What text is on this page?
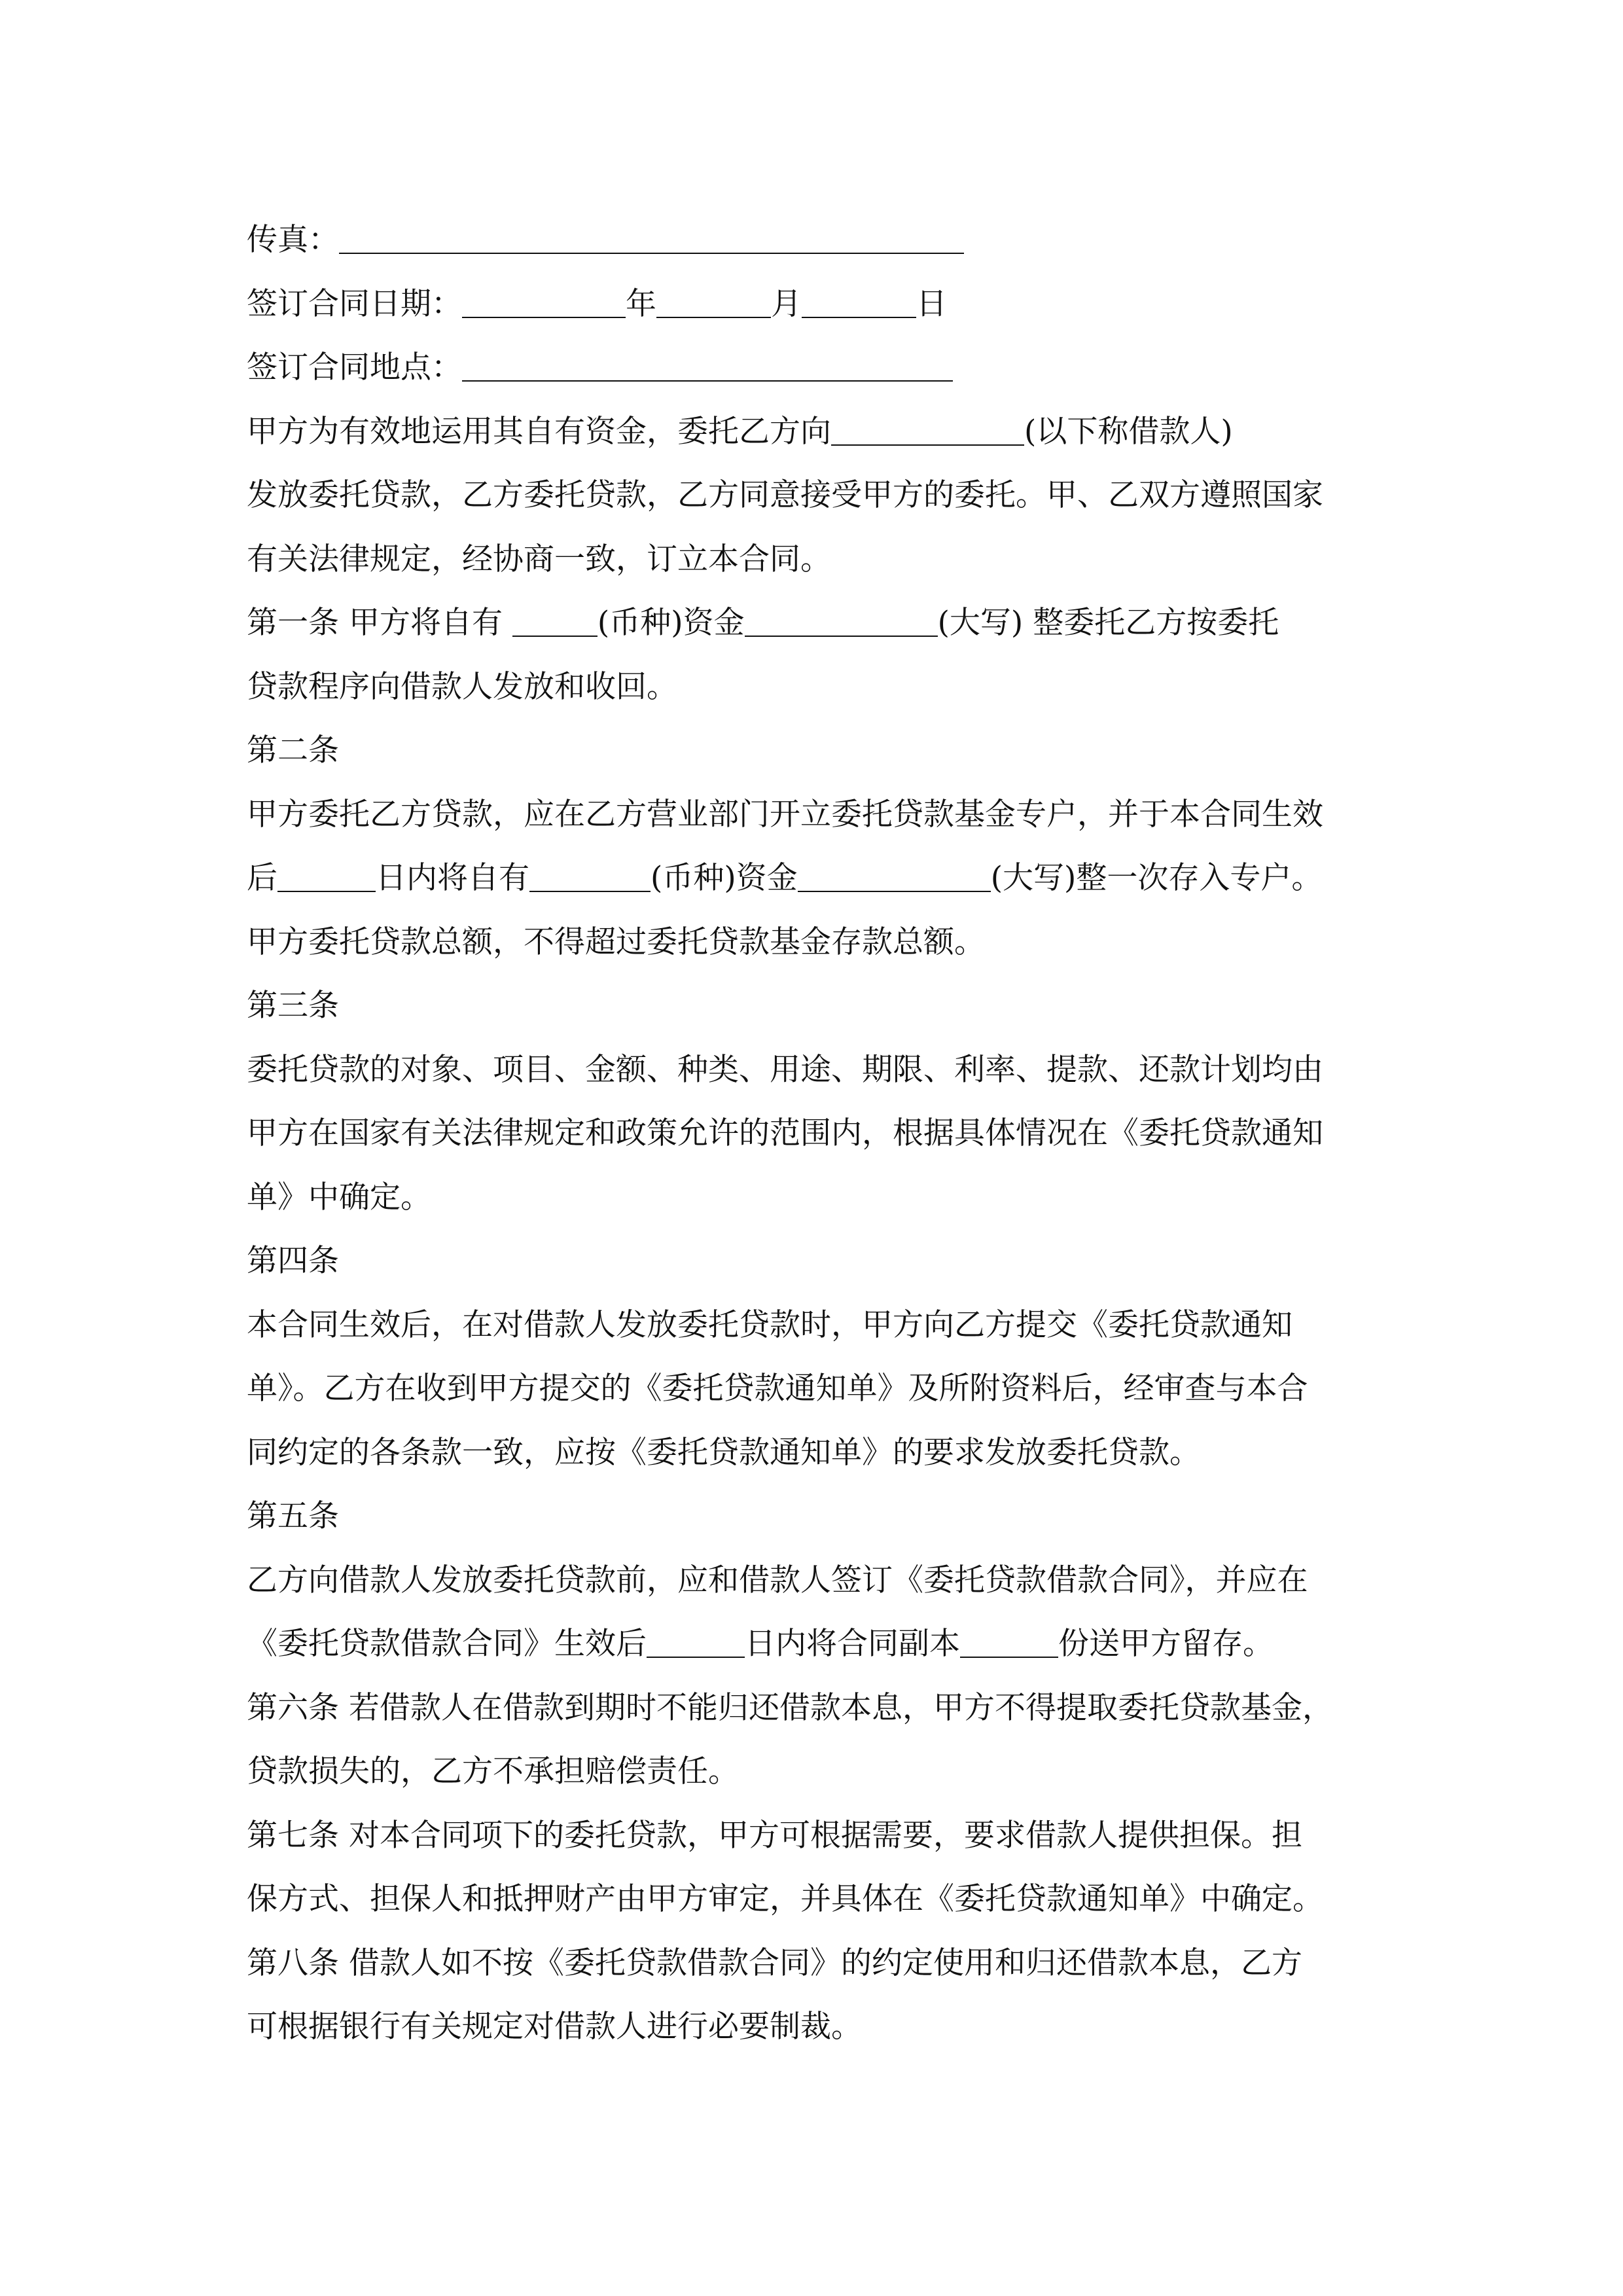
传真：
签订合同日期：	年	月	日
签订合同地点：
甲方为有效地运用其自有资金，委托乙方向	(以下称借款人)
发放委托贷款，乙方委托贷款，乙方同意接受甲方的委托。甲、乙双方遵照国家
有关法律规定，经协商一致，订立本合同。
第一条 甲方将自有	(币种)资金	(大写) 整委托乙方按委托
贷款程序向借款人发放和收回。
第二条
甲方委托乙方贷款，应在乙方营业部门开立委托贷款基金专户，并于本合同生效
后	日内将自有	(币种)资金	(大写)整一次存入专户。
甲方委托贷款总额，不得超过委托贷款基金存款总额。
第三条
委托贷款的对象、项目、金额、种类、用途、期限、利率、提款、还款计划均由
甲方在国家有关法律规定和政策允许的范围内，根据具体情况在《委托贷款通知
单》中确定。
第四条
本合同生效后，在对借款人发放委托贷款时，甲方向乙方提交《委托贷款通知
单》。乙方在收到甲方提交的《委托贷款通知单》及所附资料后，经审查与本合
同约定的各条款一致，应按《委托贷款通知单》的要求发放委托贷款。
第五条
乙方向借款人发放委托贷款前，应和借款人签订《委托贷款借款合同》，并应在
《委托贷款借款合同》生效后	日内将合同副本	份送甲方留存。
第六条 若借款人在借款到期时不能归还借款本息，甲方不得提取委托贷款基金，
贷款损失的，乙方不承担赔偿责任。
第七条 对本合同项下的委托贷款，甲方可根据需要，要求借款人提供担保。担
保方式、担保人和抵押财产由甲方审定，并具体在《委托贷款通知单》中确定。
第八条 借款人如不按《委托贷款借款合同》的约定使用和归还借款本息，乙方
可根据银行有关规定对借款人进行必要制裁。
